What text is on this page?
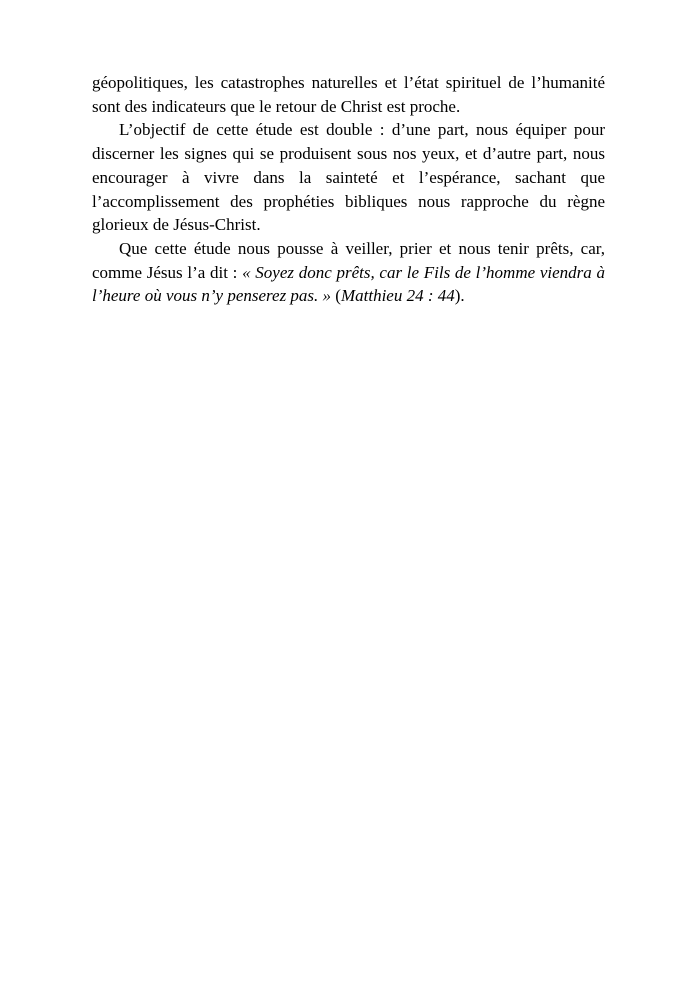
géopolitiques, les catastrophes naturelles et l’état spirituel de l’humanité sont des indicateurs que le retour de Christ est proche.

L’objectif de cette étude est double : d’une part, nous équiper pour discerner les signes qui se produisent sous nos yeux, et d’autre part, nous encourager à vivre dans la sainteté et l’espérance, sachant que l’accomplissement des prophéties bibliques nous rapproche du règne glorieux de Jésus-Christ.

Que cette étude nous pousse à veiller, prier et nous tenir prêts, car, comme Jésus l’a dit : « Soyez donc prêts, car le Fils de l’homme viendra à l’heure où vous n’y penserez pas. » (Matthieu 24 : 44).
